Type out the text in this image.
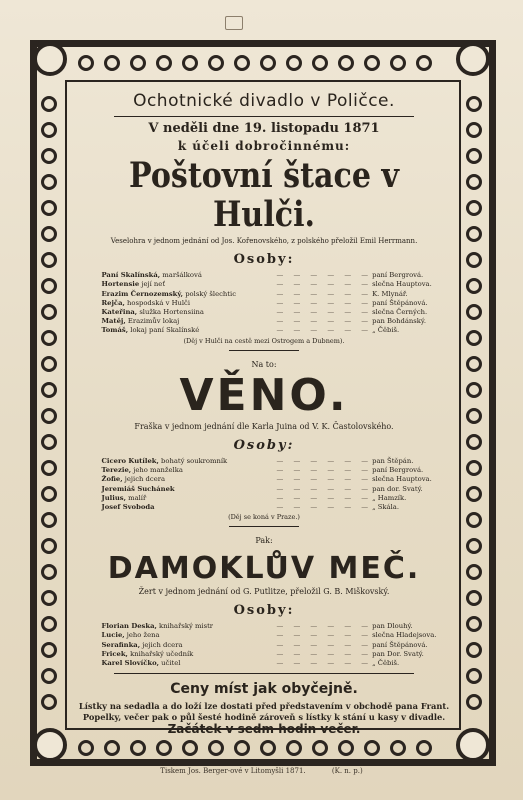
Ochotnické divadlo v Poličce.

V neděli dne 19. listopadu 1871

k účeli dobročinnému:

Poštovní štace v Hulči.

Veselohra v jednom jednání od Jos. Kořenovského, z polského přeložil Emil Herrmann.

Osoby:

Paní Skalínská, maršálková	— — — — — — paní Bergrová.
Hortensie její neť	— — — — — — slečna Hauptova.
Erazim Černozemský, polský šlechtic	— — — — — — K. Mlynář.
Rejča, hospodská v Hulči	— — — — — — paní Štěpánová.
Kateřina, služka Hortensiina	— — — — — — slečna Černých.
Matěj, Erazimův lokaj	— — — — — — pan Bohdánský.
Tomáš, lokaj paní Skalínské	— — — — — — „ Čěbiš.

(Děj v Hulči na cestě mezi Ostrogem a Dubnem).

Na to:

VĚNO.

Fraška v jednom jednání dle Karla Juina od V. K. Častolovského.

Osoby:

Cicero Kutílek, bohatý soukromník	— — — — — — pan Štěpán.
Terezie, jeho manželka	— — — — — — paní Bergrová.
Žofie, jejich dcera	— — — — — — slečna Hauptova.
Jeremiáš Suchánek	— — — — — — pan dor. Svatý.
Julius, malíř	— — — — — — „ Hamzík.
Josef Svoboda	— — — — — — „ Skála.

(Děj se koná v Praze.)

Pak:

DAMOKLŮV MEČ.

Žert v jednom jednání od G. Putlitze, přeložil G. B. Miškovský.

Osoby:

Florian Deska, knihařský mistr	— — — — — — pan Dlouhý.
Lucie, jeho žena	— — — — — — slečna Hladejsova.
Serafinka, jejich dcera	— — — — — — paní Štěpánová.
Fricek, knihařský učedník	— — — — — — pan Dor. Svatý.
Karel Slovíčko, učitel	— — — — — — „ Čěbiš.

Ceny míst jak obyčejně.

Lístky na sedadla a do loží lze dostati před představením v obchodě pana Frant. Popelky, večer pak o půl šesté hodině zároveň s lístky k stání u kasy v divadle.

Začátek v sedm hodin večer.

Tiskem Jos. Berger-ové v Litomyšli 1871.	(K. n. p.)
